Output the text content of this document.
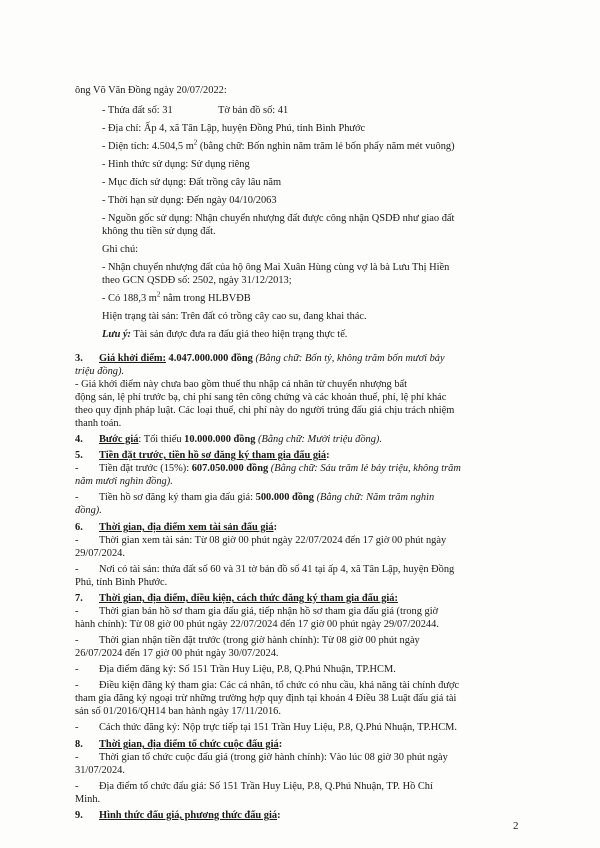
ông Võ Văn Đồng ngày 20/07/2022:
- Thửa đất số: 31	Tờ bản đồ số: 41
- Địa chỉ: Ấp 4, xã Tân Lập, huyện Đồng Phú, tỉnh Bình Phước
- Diện tích: 4.504,5 $m^2$ (bằng chữ: Bốn nghìn năm trăm lẻ bốn phẩy năm mét vuông)
- Hình thức sử dụng: Sử dụng riêng
- Mục đích sử dụng: Đất trồng cây lâu năm
- Thời hạn sử dụng: Đến ngày 04/10/2063
- Nguồn gốc sử dụng: Nhận chuyển nhượng đất được công nhận QSDĐ như giao đất
không thu tiền sử dụng đất.
Ghi chú:
- Nhận chuyển nhượng đất của hộ ông Mai Xuân Hùng cùng vợ là bà Lưu Thị Hiền
theo GCN QSDĐ số: 2502, ngày 31/12/2013;
- Có 188,3 $m^2$ nằm trong HLBVĐB
Hiện trạng tài sản: Trên đất có trồng cây cao su, đang khai thác.
Lưu ý: Tài sản được đưa ra đấu giá theo hiện trạng thực tế.
3. Giá khởi điểm: 4.047.000.000 đồng (Bằng chữ: Bốn tỷ, không trăm bốn mươi bảy
triệu đồng).
- Giá khởi điểm này chưa bao gồm thuế thu nhập cá nhân từ chuyển nhượng bất
động sản, lệ phí trước bạ, chi phí sang tên công chứng và các khoản thuế, phí, lệ phí khác
theo quy định pháp luật. Các loại thuế, chi phí này do người trúng đấu giá chịu trách nhiệm
thanh toán.
4. Bước giá: Tối thiểu 10.000.000 đồng (Bằng chữ: Mười triệu đồng).
5. Tiền đặt trước, tiền hồ sơ đăng ký tham gia đấu giá:
- Tiền đặt trước (15%): 607.050.000 đồng (Bằng chữ: Sáu trăm lẻ bảy triệu, không trăm
năm mươi nghìn đồng).
- Tiền hồ sơ đăng ký tham gia đấu giá: 500.000 đồng (Bằng chữ: Năm trăm nghìn
đồng).
6. Thời gian, địa điểm xem tài sản đấu giá:
- Thời gian xem tài sản: Từ 08 giờ 00 phút ngày 22/07/2024 đến 17 giờ 00 phút ngày
29/07/2024.
- Nơi có tài sản: thửa đất số 60 và 31 tờ bản đồ số 41 tại ấp 4, xã Tân Lập, huyện Đồng
Phú, tỉnh Bình Phước.
7. Thời gian, địa điểm, điều kiện, cách thức đăng ký tham gia đấu giá:
- Thời gian bán hồ sơ tham gia đấu giá, tiếp nhận hồ sơ tham gia đấu giá (trong giờ
hành chính): Từ 08 giờ 00 phút ngày 22/07/2024 đến 17 giờ 00 phút ngày 29/07/20244.
- Thời gian nhận tiền đặt trước (trong giờ hành chính): Từ 08 giờ 00 phút ngày
26/07/2024 đến 17 giờ 00 phút ngày 30/07/2024.
- Địa điểm đăng ký: Số 151 Trần Huy Liệu, P.8, Q.Phú Nhuận, TP.HCM.
- Điều kiện đăng ký tham gia: Các cá nhân, tổ chức có nhu cầu, khả năng tài chính được
tham gia đăng ký ngoại trừ những trường hợp quy định tại khoản 4 Điều 38 Luật đấu giá tài
sản số 01/2016/QH14 ban hành ngày 17/11/2016.
- Cách thức đăng ký: Nộp trực tiếp tại 151 Trần Huy Liệu, P.8, Q.Phú Nhuận, TP.HCM.
8. Thời gian, địa điểm tổ chức cuộc đấu giá:
- Thời gian tổ chức cuộc đấu giá (trong giờ hành chính): Vào lúc 08 giờ 30 phút ngày
31/07/2024.
- Địa điểm tổ chức đấu giá: Số 151 Trần Huy Liệu, P.8, Q.Phú Nhuận, TP. Hồ Chí
Minh.
9. Hình thức đấu giá, phương thức đấu giá:
2
